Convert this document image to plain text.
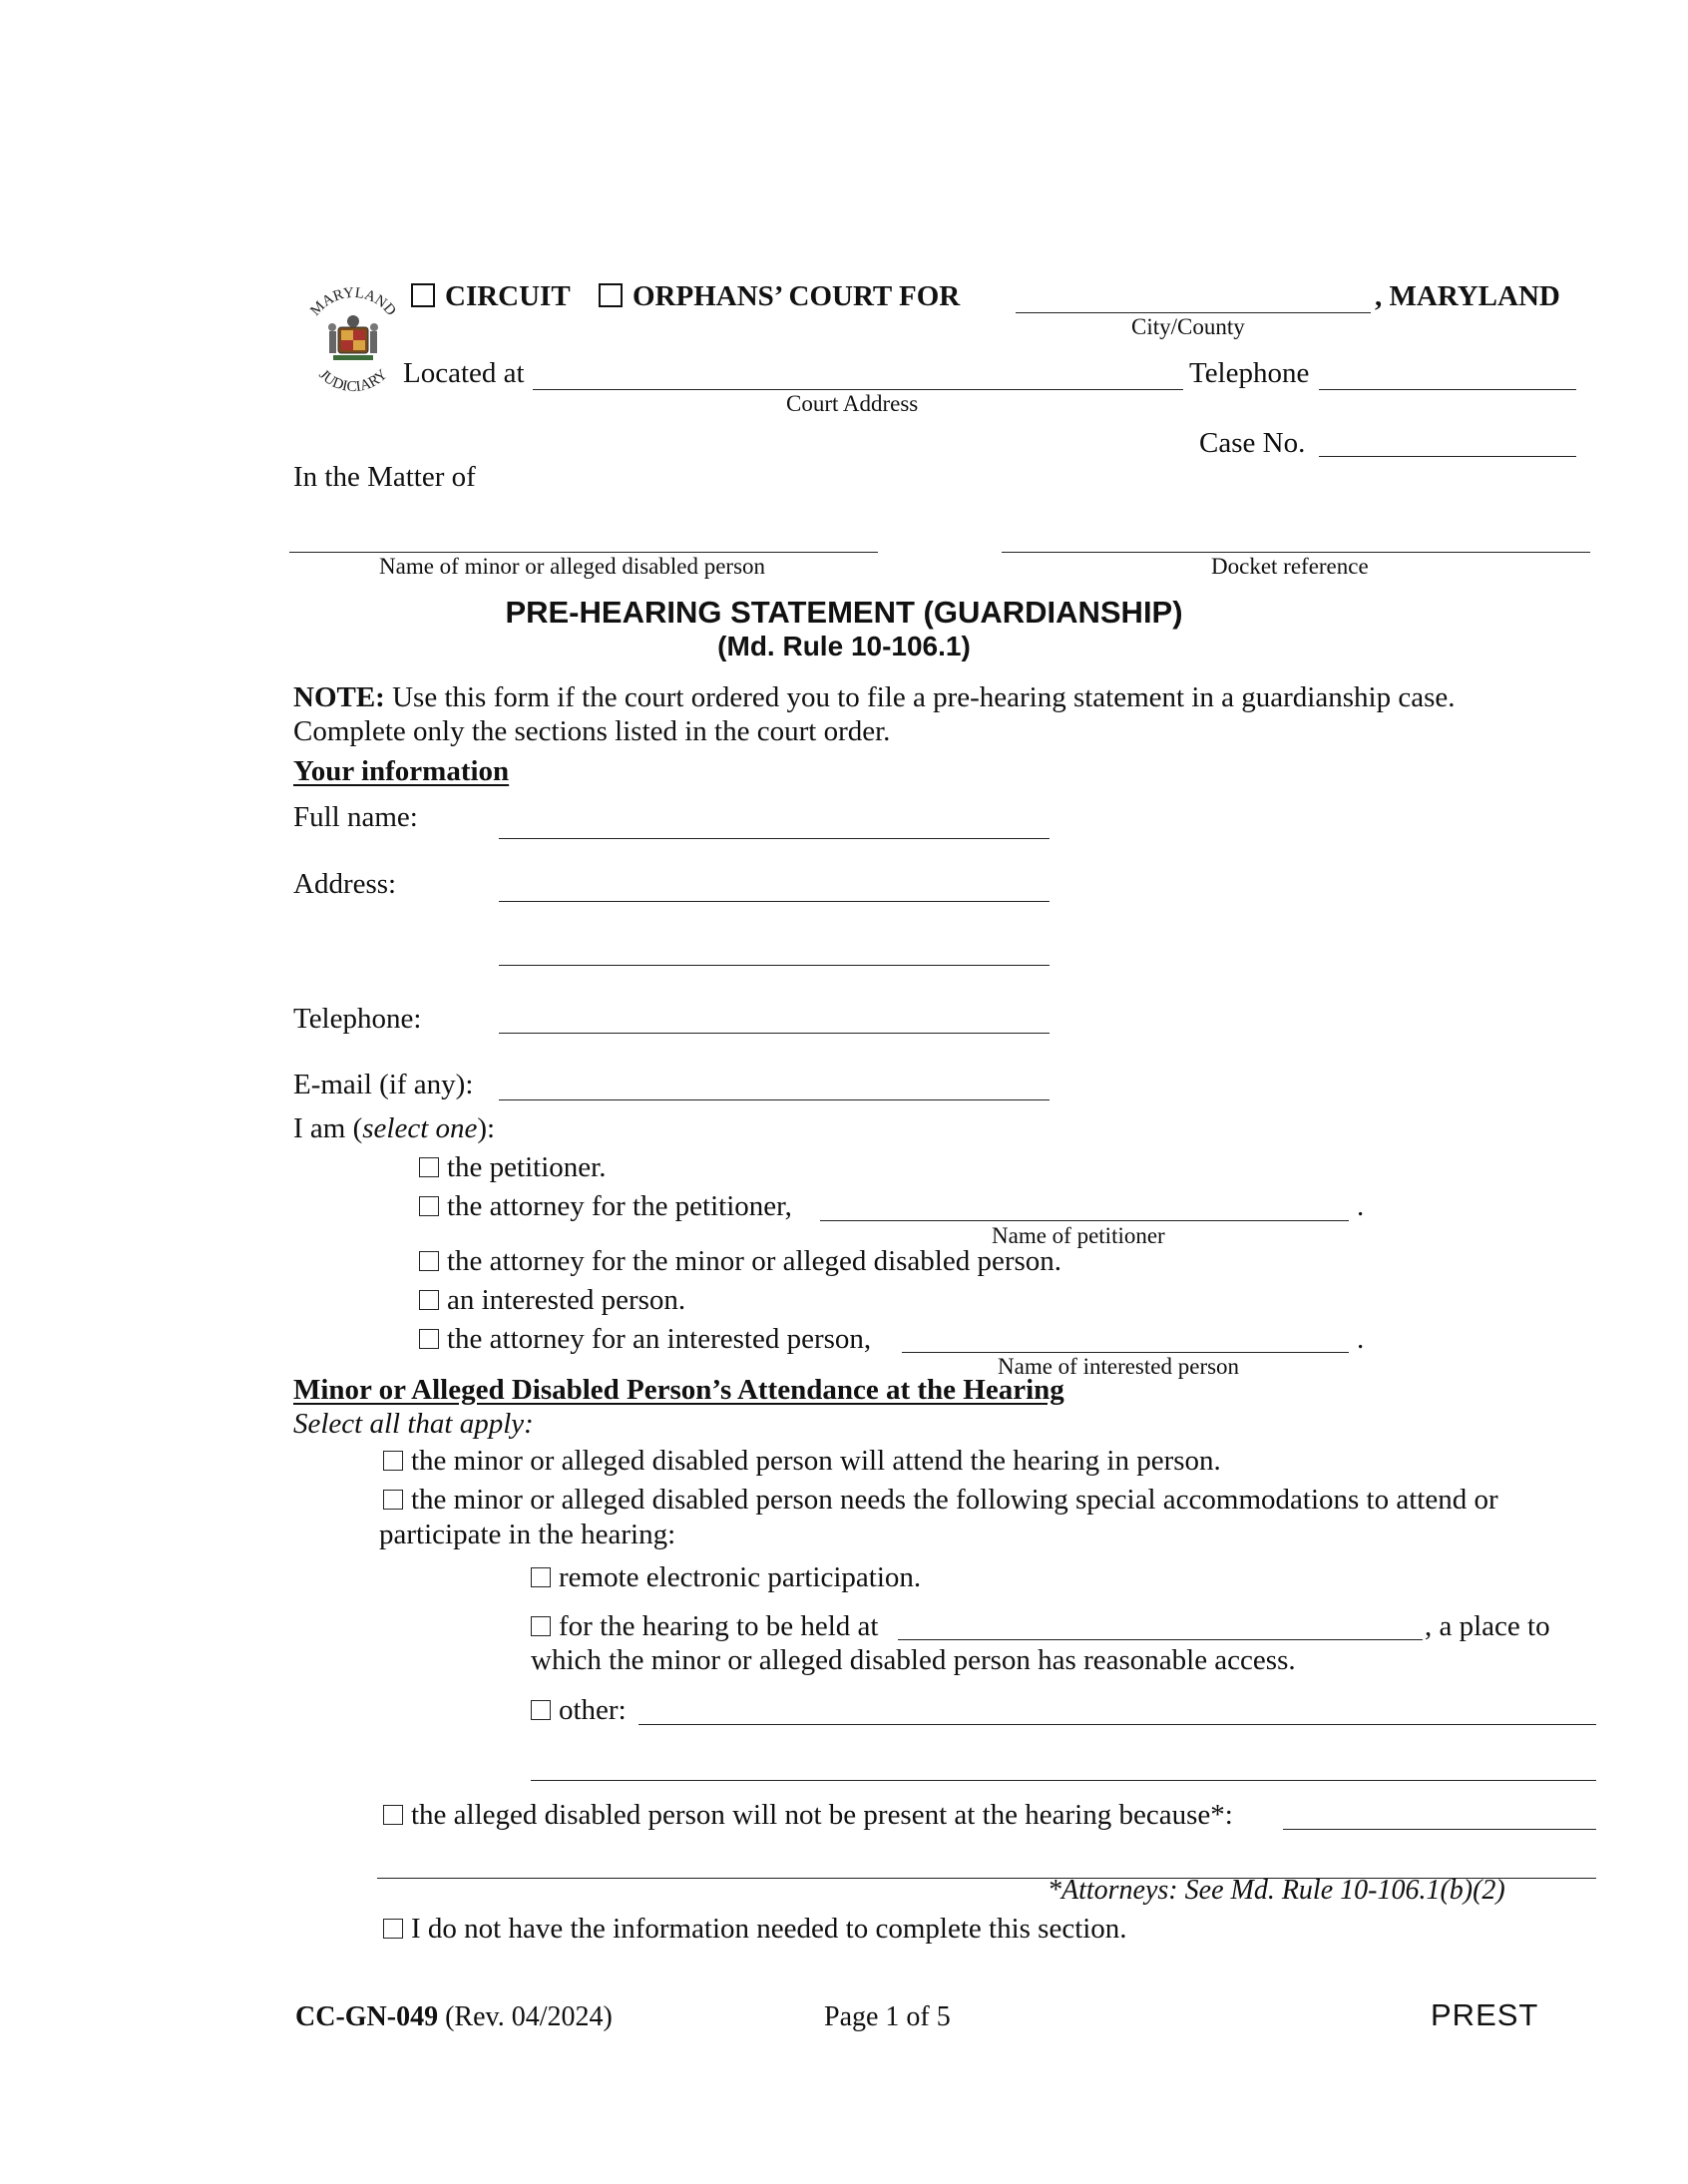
MARYLAND
JUDICIARY
CIRCUIT	ORPHANS’ COURT FOR	, MARYLAND
City/County
Located at
Court Address
Telephone
Case No.
In the Matter of
Name of minor or alleged disabled person	Docket reference
PRE-HEARING STATEMENT (GUARDIANSHIP)
(Md. Rule 10-106.1)
NOTE: Use this form if the court ordered you to file a pre-hearing statement in a guardianship case.
Complete only the sections listed in the court order.
Your information
Full name:
Address:
Telephone:
E-mail (if any):
I am (select one):
the petitioner.
the attorney for the petitioner,	.
Name of petitioner
the attorney for the minor or alleged disabled person.
an interested person.
the attorney for an interested person,	.
Name of interested person
Minor or Alleged Disabled Person’s Attendance at the Hearing
Select all that apply:
the minor or alleged disabled person will attend the hearing in person.
the minor or alleged disabled person needs the following special accommodations to attend or
participate in the hearing:
remote electronic participation.
for the hearing to be held at	, a place to
which the minor or alleged disabled person has reasonable access.
other:
the alleged disabled person will not be present at the hearing because*:
*Attorneys: See Md. Rule 10-106.1(b)(2)
I do not have the information needed to complete this section.
CC-GN-049 (Rev. 04/2024)	Page 1 of 5	PREST
